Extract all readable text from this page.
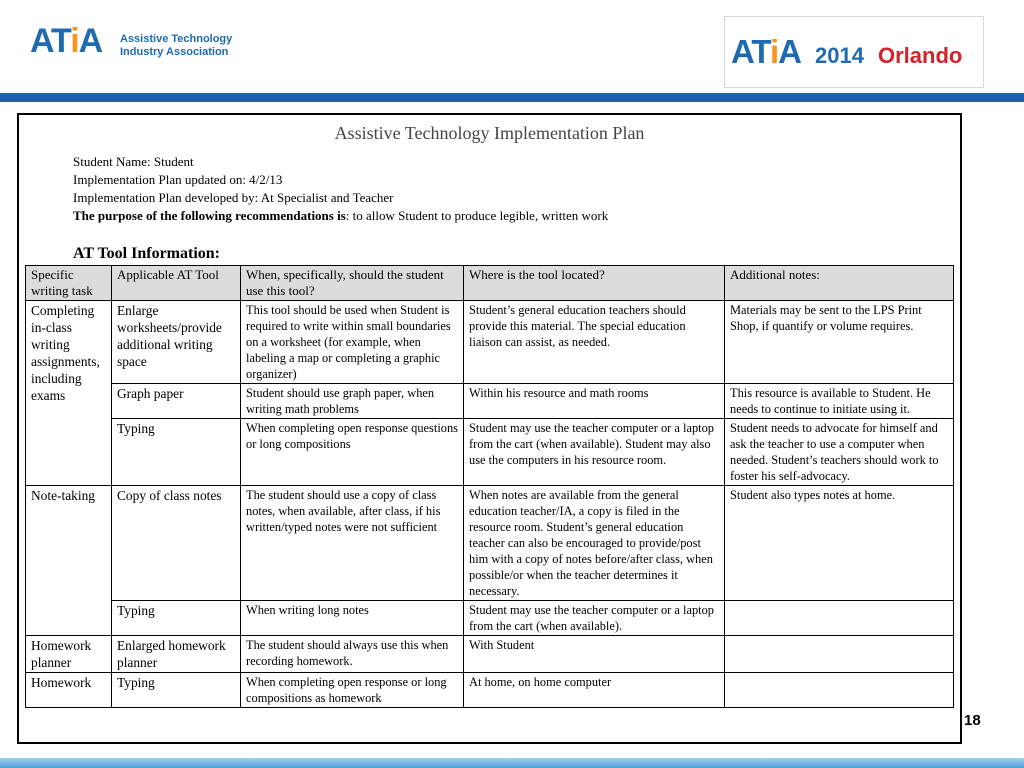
ATiA Assistive Technology
Industry Association	ATiA 2014 Orlando
Assistive Technology Implementation Plan
Student Name: Student
Implementation Plan updated on: 4/2/13
Implementation Plan developed by: At Specialist and Teacher
The purpose of the following recommendations is: to allow Student to produce legible, written work
AT Tool Information:
Specific writing task	Applicable AT Tool	When, specifically, should the student use this tool?	Where is the tool located?	Additional notes:
Completing in-class writing assignments, including exams	Enlarge worksheets/provide additional writing space	This tool should be used when Student is required to write within small boundaries on a worksheet (for example, when labeling a map or completing a graphic organizer)	Student’s general education teachers should provide this material. The special education liaison can assist, as needed.	Materials may be sent to the LPS Print Shop, if quantify or volume requires.
	Graph paper	Student should use graph paper, when writing math problems	Within his resource and math rooms	This resource is available to Student. He needs to continue to initiate using it.
	Typing	When completing open response questions or long compositions	Student may use the teacher computer or a laptop from the cart (when available). Student may also use the computers in his resource room.	Student needs to advocate for himself and ask the teacher to use a computer when needed. Student’s teachers should work to foster his self-advocacy.
Note-taking	Copy of class notes	The student should use a copy of class notes, when available, after class, if his written/typed notes were not sufficient	When notes are available from the general education teacher/IA, a copy is filed in the resource room. Student’s general education teacher can also be encouraged to provide/post him with a copy of notes before/after class, when possible/or when the teacher determines it necessary.	Student also types notes at home.
	Typing	When writing long notes	Student may use the teacher computer or a laptop from the cart (when available).	
Homework planner	Enlarged homework planner	The student should always use this when recording homework.	With Student	
Homework	Typing	When completing open response or long compositions as homework	At home, on home computer	
18
